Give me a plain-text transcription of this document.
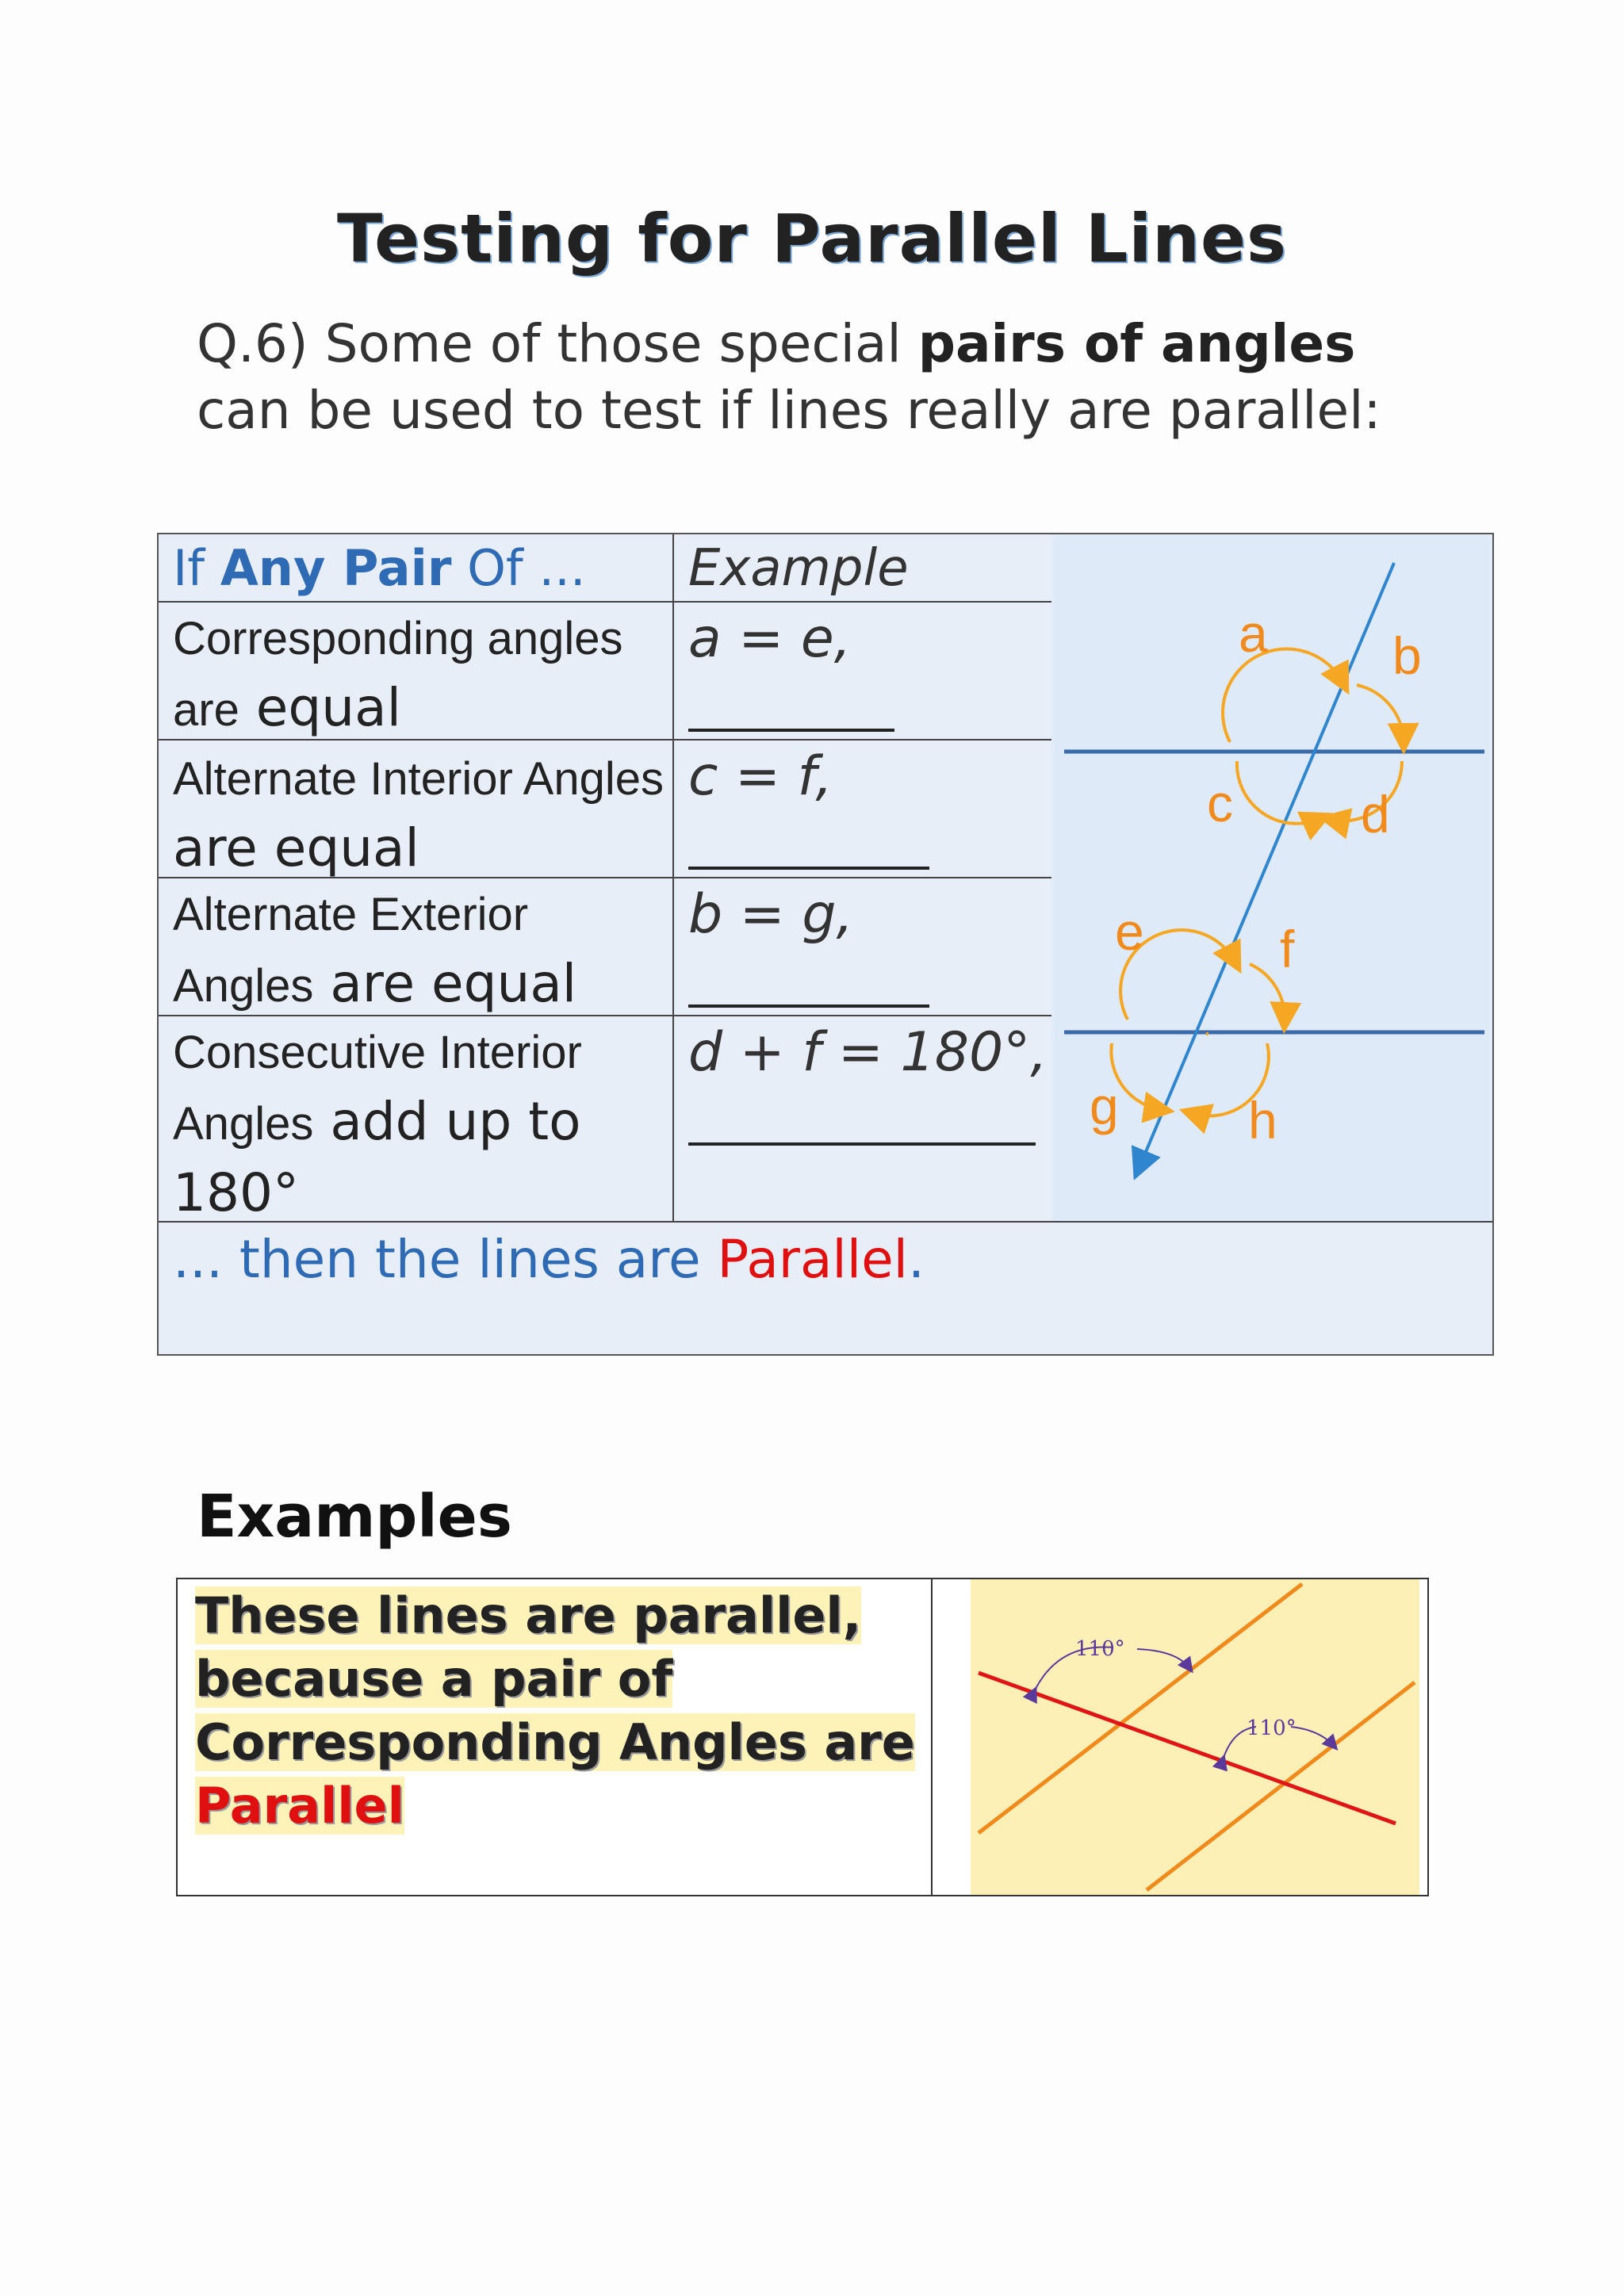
Testing for Parallel Lines

Q.6) Some of those special pairs of angles can be used to test if lines really are parallel:

If Any Pair Of ...	Example
Corresponding angles are equal
a = e,
Alternate Interior Angles are equal
c = f,
Alternate Exterior Angles are equal
b = g,
Consecutive Interior Angles add up to 180°
d + f = 180°,
a b
c d
e	f
g h
... then the lines are Parallel.
Examples
These lines are parallel,
because a pair of
Corresponding Angles are
Parallel
110°
110°
